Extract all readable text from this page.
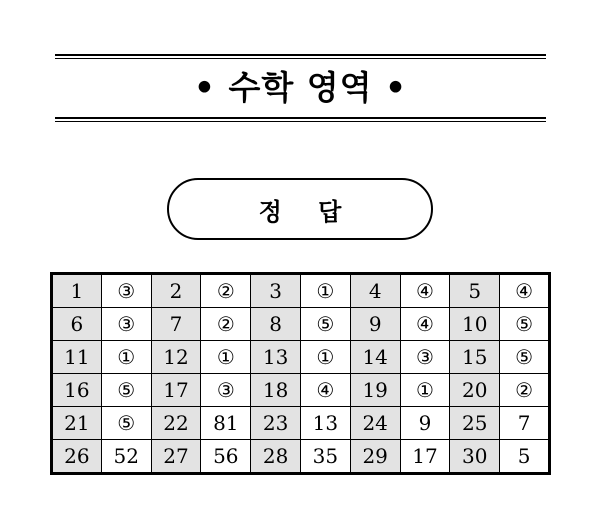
• 수학 영역 •
정 답
1	③	2	②	3	①	4	④	5	④
6	③	7	②	8	⑤	9	④	10	⑤
11	①	12	①	13	①	14	③	15	⑤
16	⑤	17	③	18	④	19	①	20	②
21	⑤	22	81	23	13	24	9	25	7
26	52	27	56	28	35	29	17	30	5
